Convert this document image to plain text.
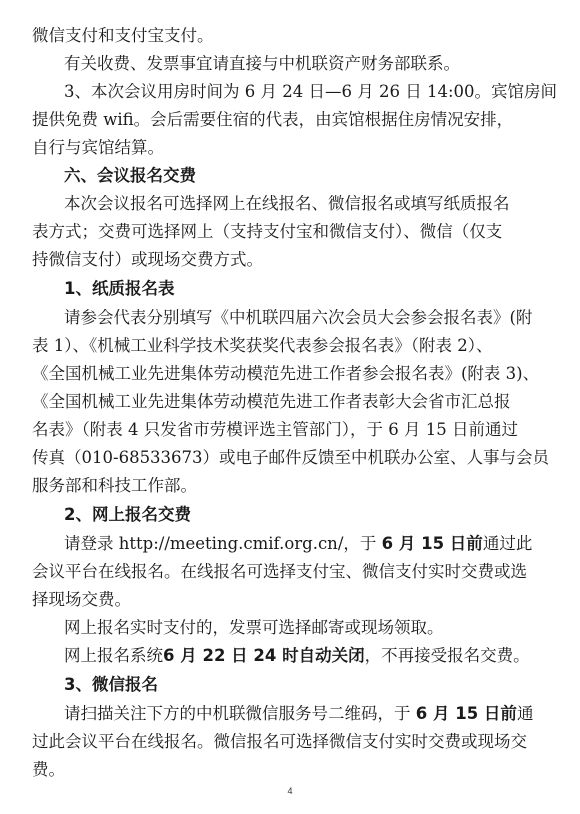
微信支付和支付宝支付。
有关收费、发票事宜请直接与中机联资产财务部联系。
3、本次会议用房时间为 6 月 24 日—6 月 26 日 14:00。宾馆房间
提供免费 wifi。会后需要住宿的代表，由宾馆根据住房情况安排，
自行与宾馆结算。
六、会议报名交费
本次会议报名可选择网上在线报名、微信报名或填写纸质报名
表方式；交费可选择网上（支持支付宝和微信支付）、微信（仅支
持微信支付）或现场交费方式。
1、纸质报名表
请参会代表分别填写《中机联四届六次会员大会参会报名表》(附
表 1）、《机械工业科学技术奖获奖代表参会报名表》（附表 2）、
《全国机械工业先进集体劳动模范先进工作者参会报名表》(附表 3)、
《全国机械工业先进集体劳动模范先进工作者表彰大会省市汇总报
名表》（附表 4 只发省市劳模评选主管部门），于 6 月 15 日前通过
传真（010-68533673）或电子邮件反馈至中机联办公室、人事与会员
服务部和科技工作部。
2、网上报名交费
请登录 http://meeting.cmif.org.cn/，于 6 月 15 日前通过此
会议平台在线报名。在线报名可选择支付宝、微信支付实时交费或选
择现场交费。
网上报名实时支付的，发票可选择邮寄或现场领取。
网上报名系统6 月 22 日 24 时自动关闭，不再接受报名交费。
3、微信报名
请扫描关注下方的中机联微信服务号二维码，于 6 月 15 日前通
过此会议平台在线报名。微信报名可选择微信支付实时交费或现场交
费。
4
